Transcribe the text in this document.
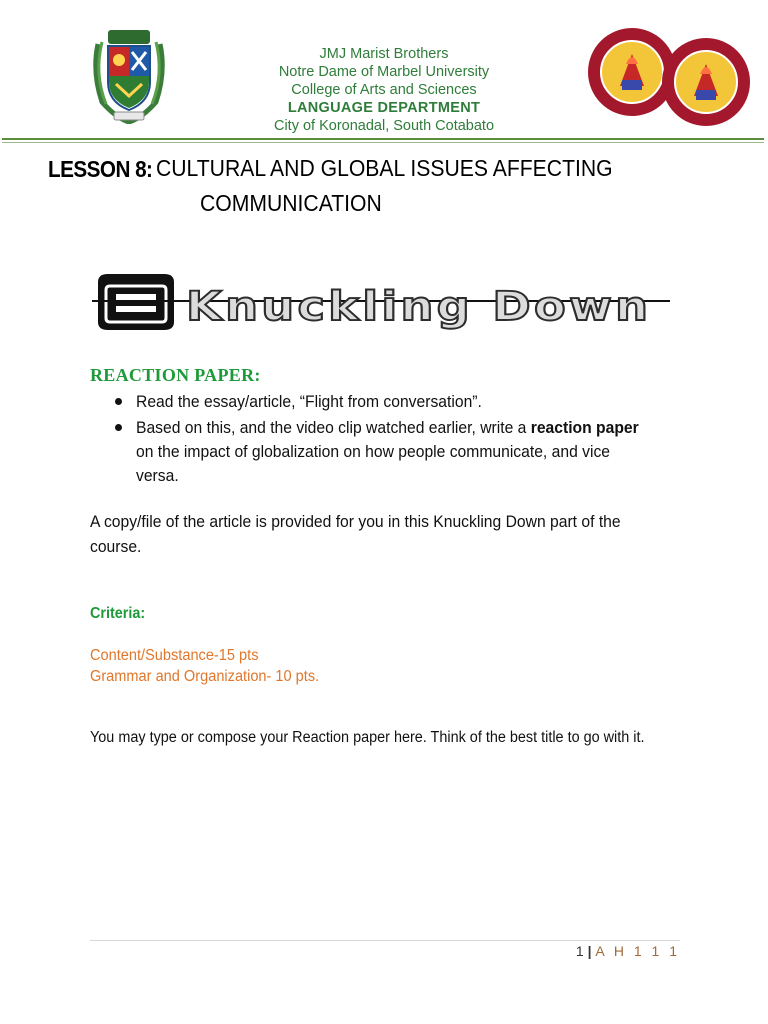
JMJ Marist Brothers
Notre Dame of Marbel University
College of Arts and Sciences
LANGUAGE DEPARTMENT
City of Koronadal, South Cotabato
LESSON 8: CULTURAL AND GLOBAL ISSUES AFFECTING
COMMUNICATION
Knuckling Down
REACTION PAPER:
Read the essay/article, “Flight from conversation”.
Based on this, and the video clip watched earlier, write a reaction paper
on the impact of globalization on how people communicate, and vice
versa.
A copy/file of the article is provided for you in this Knuckling Down part of the
course.
Criteria:
Content/Substance-15 pts
Grammar and Organization- 10 pts.
You may type or compose your Reaction paper here. Think of the best title to go with it.
1 | A H 1 1 1
